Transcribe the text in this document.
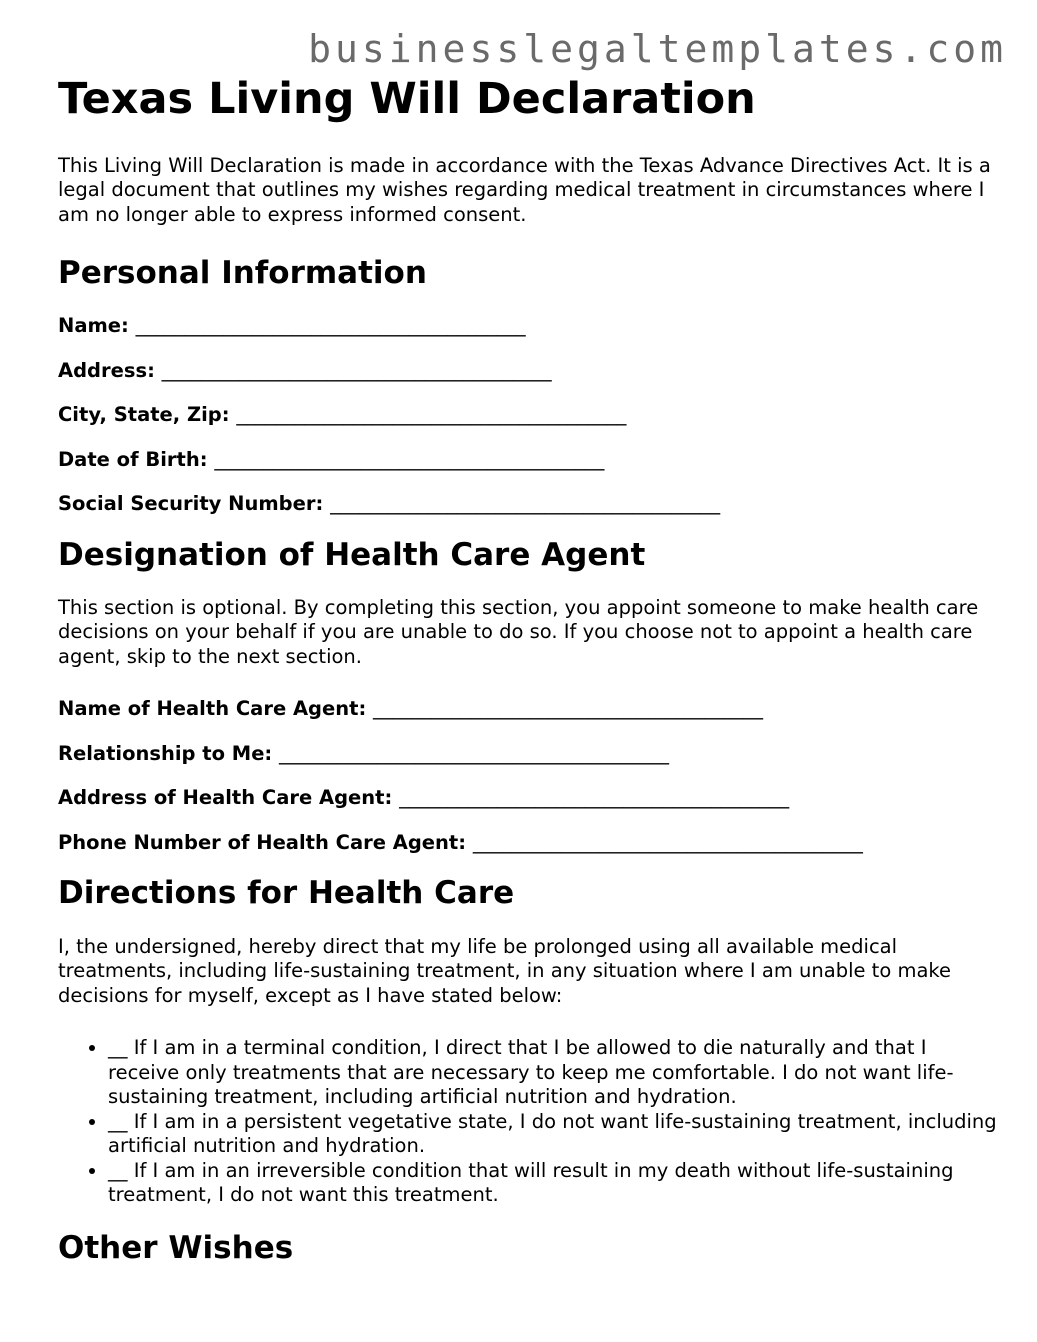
businesslegaltemplates.com
Texas Living Will Declaration

This Living Will Declaration is made in accordance with the Texas Advance Directives Act. It is a legal document that outlines my wishes regarding medical treatment in circumstances where I am no longer able to express informed consent.

Personal Information
Name: ________________________________________
Address: ________________________________________
City, State, Zip: ________________________________________
Date of Birth: ________________________________________
Social Security Number: ________________________________________
Designation of Health Care Agent

This section is optional. By completing this section, you appoint someone to make health care decisions on your behalf if you are unable to do so. If you choose not to appoint a health care agent, skip to the next section.

Name of Health Care Agent: ________________________________________
Relationship to Me: ________________________________________
Address of Health Care Agent: ________________________________________
Phone Number of Health Care Agent: ________________________________________
Directions for Health Care

I, the undersigned, hereby direct that my life be prolonged using all available medical treatments, including life-sustaining treatment, in any situation where I am unable to make decisions for myself, except as I have stated below:

• __ If I am in a terminal condition, I direct that I be allowed to die naturally and that I receive only treatments that are necessary to keep me comfortable. I do not want life-sustaining treatment, including artificial nutrition and hydration.
• __ If I am in a persistent vegetative state, I do not want life-sustaining treatment, including artificial nutrition and hydration.
• __ If I am in an irreversible condition that will result in my death without life-sustaining treatment, I do not want this treatment.
Other Wishes
